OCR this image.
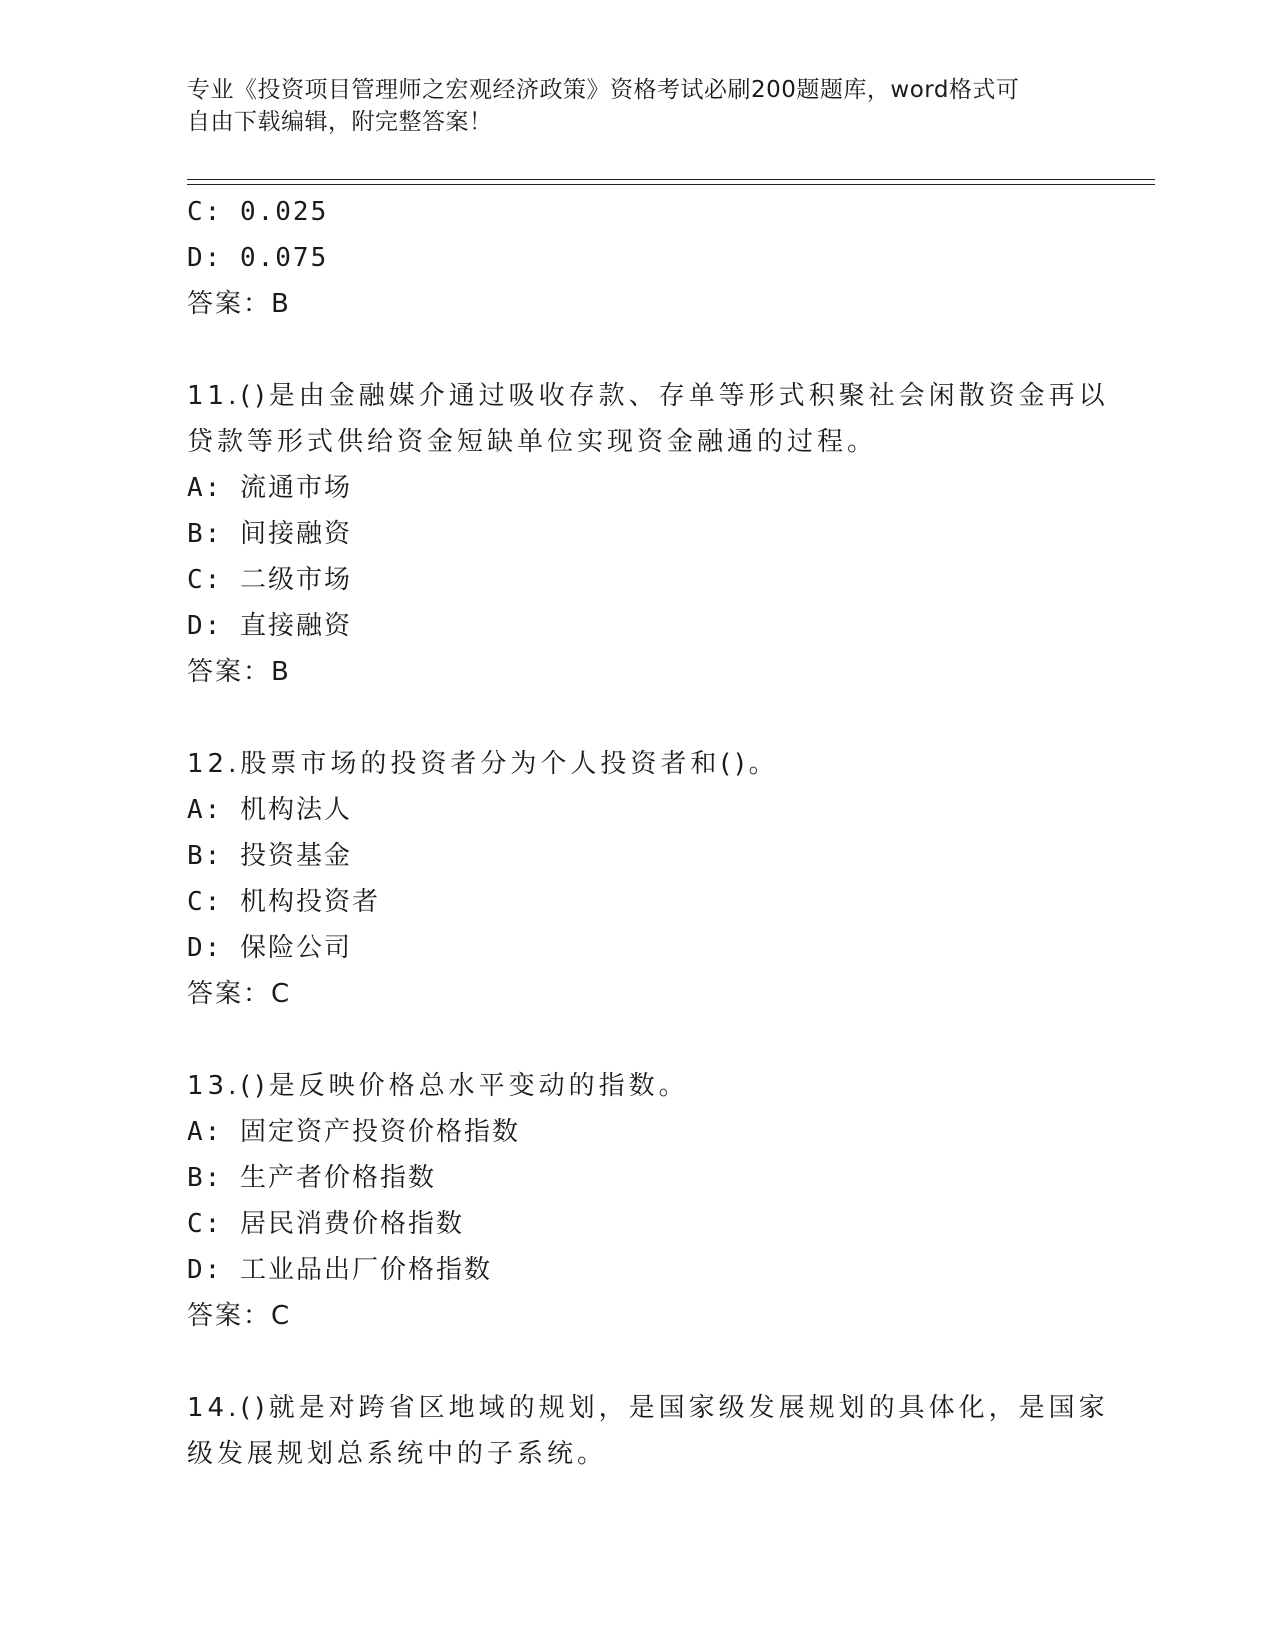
专业《投资项目管理师之宏观经济政策》资格考试必刷200题题库，word格式可
自由下载编辑，附完整答案！
C: 0.025
D: 0.075
答案：B
11.()是由金融媒介通过吸收存款、存单等形式积聚社会闲散资金再以
贷款等形式供给资金短缺单位实现资金融通的过程。
A: 流通市场
B: 间接融资
C: 二级市场
D: 直接融资
答案：B
12.股票市场的投资者分为个人投资者和()。
A: 机构法人
B: 投资基金
C: 机构投资者
D: 保险公司
答案：C
13.()是反映价格总水平变动的指数。
A: 固定资产投资价格指数
B: 生产者价格指数
C: 居民消费价格指数
D: 工业品出厂价格指数
答案：C
14.()就是对跨省区地域的规划，是国家级发展规划的具体化，是国家
级发展规划总系统中的子系统。
